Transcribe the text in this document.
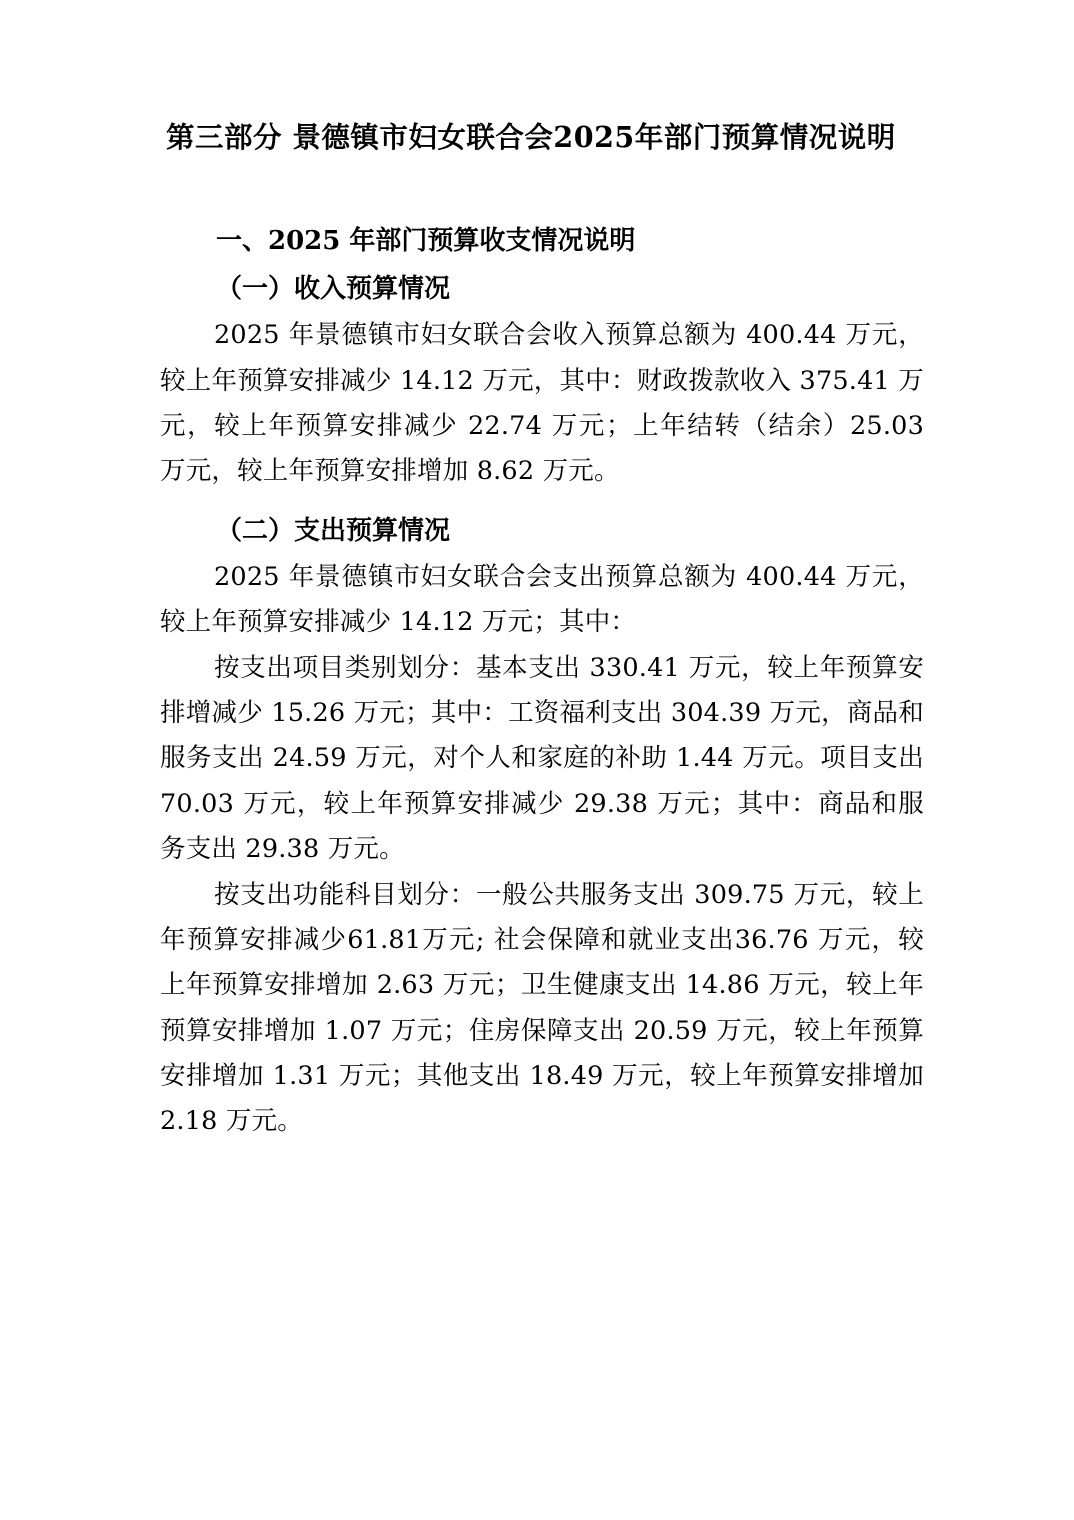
第三部分 景德镇市妇女联合会2025年部门预算情况说明
一、2025 年部门预算收支情况说明
（一）收入预算情况

2025 年景德镇市妇女联合会收入预算总额为 400.44 万元，较上年预算安排减少 14.12 万元，其中：财政拨款收入 375.41 万元，较上年预算安排减少 22.74 万元；上年结转（结余）25.03 万元，较上年预算安排增加 8.62 万元。

（二）支出预算情况

2025 年景德镇市妇女联合会支出预算总额为 400.44 万元，较上年预算安排减少 14.12 万元；其中：

按支出项目类别划分：基本支出 330.41 万元，较上年预算安排增减少 15.26 万元；其中：工资福利支出 304.39 万元，商品和服务支出 24.59 万元，对个人和家庭的补助 1.44 万元。项目支出 70.03 万元，较上年预算安排减少 29.38 万元；其中：商品和服务支出 29.38 万元。

按支出功能科目划分：一般公共服务支出 309.75 万元，较上年预算安排减少61.81万元; 社会保障和就业支出36.76 万元，较上年预算安排增加 2.63 万元；卫生健康支出 14.86 万元，较上年预算安排增加 1.07 万元；住房保障支出 20.59 万元，较上年预算安排增加 1.31 万元；其他支出 18.49 万元，较上年预算安排增加 2.18 万元。
